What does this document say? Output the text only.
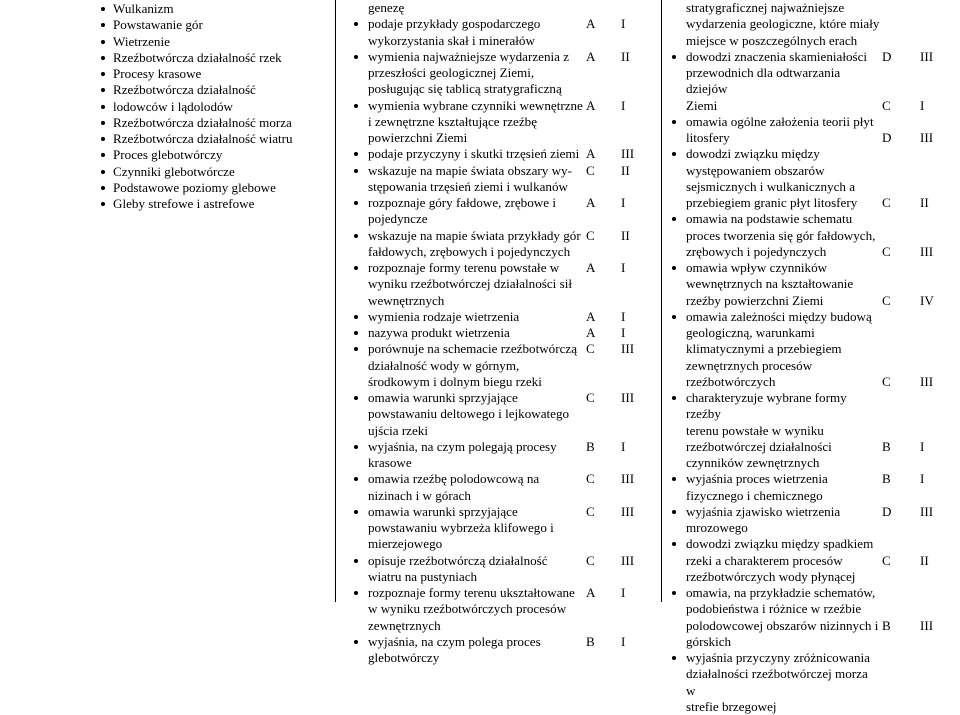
Wulkanizm
Powstawanie gór
Wietrzenie
Rzeźbotwórcza działalność rzek
Procesy krasowe
Rzeźbotwórcza działalność
lodowców i lądolodów
Rzeźbotwórcza działalność morza
Rzeźbotwórcza działalność wiatru
Proces glebotwórczy
Czynniki glebotwórcze
Podstawowe poziomy glebowe
Gleby strefowe i astrefowe
genezę
podaje przykłady gospodarczego
wykorzystania skał i minerałów
wymienia najważniejsze wydarzenia z
przeszłości geologicznej Ziemi,
posługując się tablicą stratygraficzną
wymienia wybrane czynniki wewnętrzne
i zewnętrzne kształtujące rzeźbę
powierzchni Ziemi
podaje przyczyny i skutki trzęsień ziemi
wskazuje na mapie świata obszary wy-
stępowania trzęsień ziemi i wulkanów
rozpoznaje góry fałdowe, zrębowe i
pojedyncze
wskazuje na mapie świata przykłady gór
fałdowych, zrębowych i pojedynczych
rozpoznaje formy terenu powstałe w
wyniku rzeźbotwórczej działalności sił
wewnętrznych
wymienia rodzaje wietrzenia
nazywa produkt wietrzenia
porównuje na schemacie rzeźbotwórczą
działalność wody w górnym,
środkowym i dolnym biegu rzeki
omawia warunki sprzyjające
powstawaniu deltowego i lejkowatego
ujścia rzeki
wyjaśnia, na czym polegają procesy
krasowe
omawia rzeźbę polodowcową na
nizinach i w górach
omawia warunki sprzyjające
powstawaniu wybrzeża klifowego i
mierzejowego
opisuje rzeźbotwórczą działalność
wiatru na pustyniach
rozpoznaje formy terenu ukształtowane
w wyniku rzeźbotwórczych procesów
zewnętrznych
wyjaśnia, na czym polega proces
glebotwórczy
A I
A II
A I
A III
C II
A I
C II
A I
A I
A I
C III
C III
B I
C III
C III
C III
A I
B I
stratygraficznej najważniejsze
wydarzenia geologiczne, które miały
miejsce w poszczególnych erach
dowodzi znaczenia skamieniałości
przewodnich dla odtwarzania dziejów
Ziemi
omawia ogólne założenia teorii płyt
litosfery
dowodzi związku między
występowaniem obszarów
sejsmicznych i wulkanicznych a
przebiegiem granic płyt litosfery
omawia na podstawie schematu
proces tworzenia się gór fałdowych,
zrębowych i pojedynczych
omawia wpływ czynników
wewnętrznych na kształtowanie
rzeźby powierzchni Ziemi
omawia zależności między budową
geologiczną, warunkami
klimatycznymi a przebiegiem
zewnętrznych procesów
rzeźbotwórczych
charakteryzuje wybrane formy rzeźby
terenu powstałe w wyniku
rzeźbotwórczej działalności
czynników zewnętrznych
wyjaśnia proces wietrzenia
fizycznego i chemicznego
wyjaśnia zjawisko wietrzenia
mrozowego
dowodzi związku między spadkiem
rzeki a charakterem procesów
rzeźbotwórczych wody płynącej
omawia, na przykładzie schematów,
podobieństwa i różnice w rzeźbie
polodowcowej obszarów nizinnych i
górskich
wyjaśnia przyczyny zróżnicowania
działalności rzeźbotwórczej morza w
strefie brzegowej
D III
C I
D III
C II
C III
C IV
C III
B I
B I
D III
C II
B III
